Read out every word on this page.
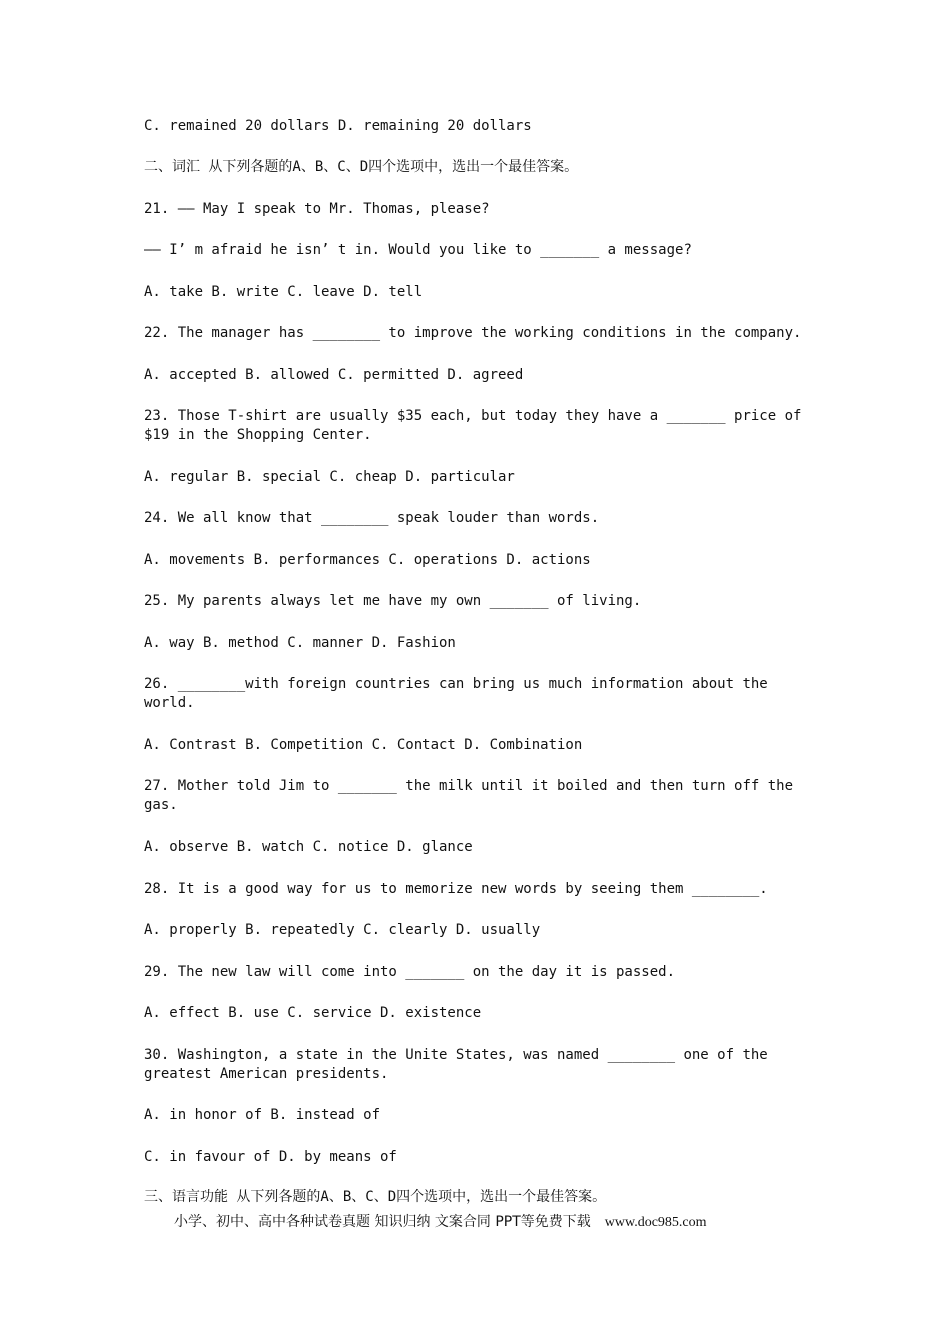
C. remained 20 dollars D. remaining 20 dollars
二、词汇 从下列各题的A、B、C、D四个选项中，选出一个最佳答案。
21. —— May I speak to Mr. Thomas, please?
—— I’ m afraid he isn’ t in. Would you like to _______ a message?
A. take B. write C. leave D. tell
22. The manager has ________ to improve the working conditions in the company.
A. accepted B. allowed C. permitted D. agreed
23. Those T-shirt are usually $35 each, but today they have a _______ price of $19 in the Shopping Center.
A. regular B. special C. cheap D. particular
24. We all know that ________ speak louder than words.
A. movements B. performances C. operations D. actions
25. My parents always let me have my own _______ of living.
A. way B. method C. manner D. Fashion
26. ________with foreign countries can bring us much information about the world.
A. Contrast B. Competition C. Contact D. Combination
27. Mother told Jim to _______ the milk until it boiled and then turn off the gas.
A. observe B. watch C. notice D. glance
28. It is a good way for us to memorize new words by seeing them ________.
A. properly B. repeatedly C. clearly D. usually
29. The new law will come into _______ on the day it is passed.
A. effect B. use C. service D. existence
30. Washington, a state in the Unite States, was named ________ one of the greatest American presidents.
A. in honor of B. instead of
C. in favour of D. by means of
三、语言功能 从下列各题的A、B、C、D四个选项中，选出一个最佳答案。
小学、初中、高中各种试卷真题 知识归纳 文案合同 PPT等免费下载 www.doc985.com
